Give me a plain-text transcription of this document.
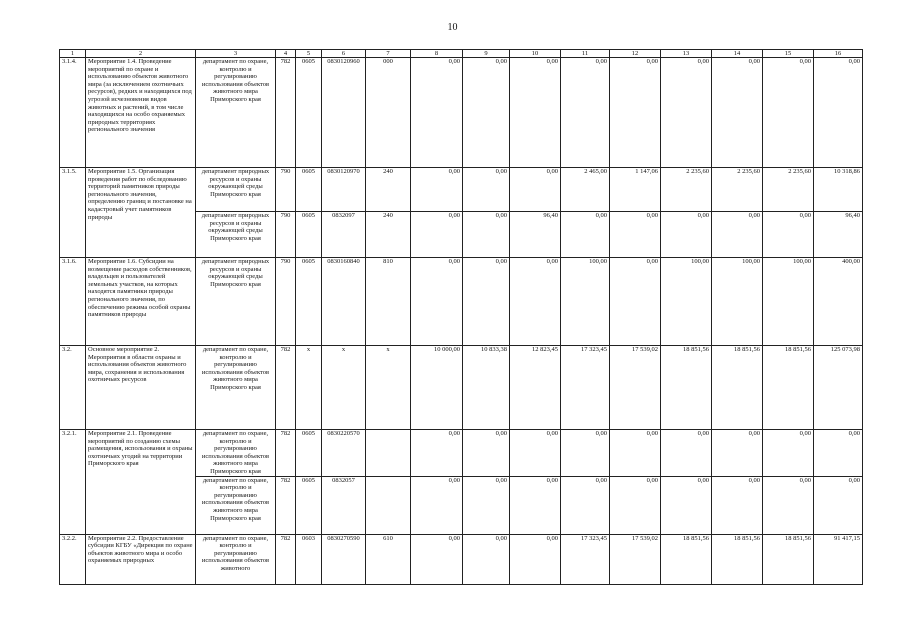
10
1	2	3	4	5	6	7	8	9	10	11	12	13	14	15	16
3.1.4.	Мероприятие 1.4. Проведение мероприятий по охране и использованию объектов животного мира (за исключением охотничьих ресурсов), редких и находящихся под угрозой исчезновения видов животных и растений, в том числе находящихся на особо охраняемых природных территориях регионального значения	департамент по охране, контролю и регулированию использования объектов животного мира Приморского края	782	0605	0830120960	000	0,00	0,00	0,00	0,00	0,00	0,00	0,00	0,00	0,00
3.1.5.	Мероприятие 1.5. Организация проведения работ по обследованию территорий памятников природы регионального значения, определению границ и постановке на кадастровый учет памятников природы	департамент природных ресурсов и охраны окружающей среды Приморского края	790	0605	0830120970	240	0,00	0,00	0,00	2 465,00	1 147,06	2 235,60	2 235,60	2 235,60	10 318,86
		департамент природных ресурсов и охраны окружающей среды Приморского края	790	0605	0832097	240	0,00	0,00	96,40	0,00	0,00	0,00	0,00	0,00	96,40
3.1.6.	Мероприятие 1.6. Субсидии на возмещение расходов собственников, владельцев и пользователей земельных участков, на которых находятся памятники природы регионального значения, по обеспечению режима особой охраны памятников природы	департамент природных ресурсов и охраны окружающей среды Приморского края	790	0605	0830160840	810	0,00	0,00	0,00	100,00	0,00	100,00	100,00	100,00	400,00
3.2.	Основное мероприятие 2. Мероприятия в области охраны и использования объектов животного мира, сохранения и использования охотничьих ресурсов	департамент по охране, контролю и регулированию использования объектов животного мира Приморского края	782	x	x	x	10 000,00	10 833,38	12 823,45	17 323,45	17 539,02	18 851,56	18 851,56	18 851,56	125 073,98
3.2.1.	Мероприятие 2.1. Проведение мероприятий по созданию схемы размещения, использования и охраны охотничьих угодий на территории Приморского края	департамент по охране, контролю и регулированию использования объектов животного мира Приморского края	782	0605	0830220570		0,00	0,00	0,00	0,00	0,00	0,00	0,00	0,00	0,00
		департамент по охране, контролю и регулированию использования объектов животного мира Приморского края	782	0605	0832057		0,00	0,00	0,00	0,00	0,00	0,00	0,00	0,00	0,00
3.2.2.	Мероприятие 2.2. Предоставление субсидии КГБУ «Дирекция по охране объектов животного мира и особо охраняемых природных	департамент по охране, контролю и регулированию использования объектов животного	782	0603	0830270590	610	0,00	0,00	0,00	17 323,45	17 539,02	18 851,56	18 851,56	18 851,56	91 417,15
